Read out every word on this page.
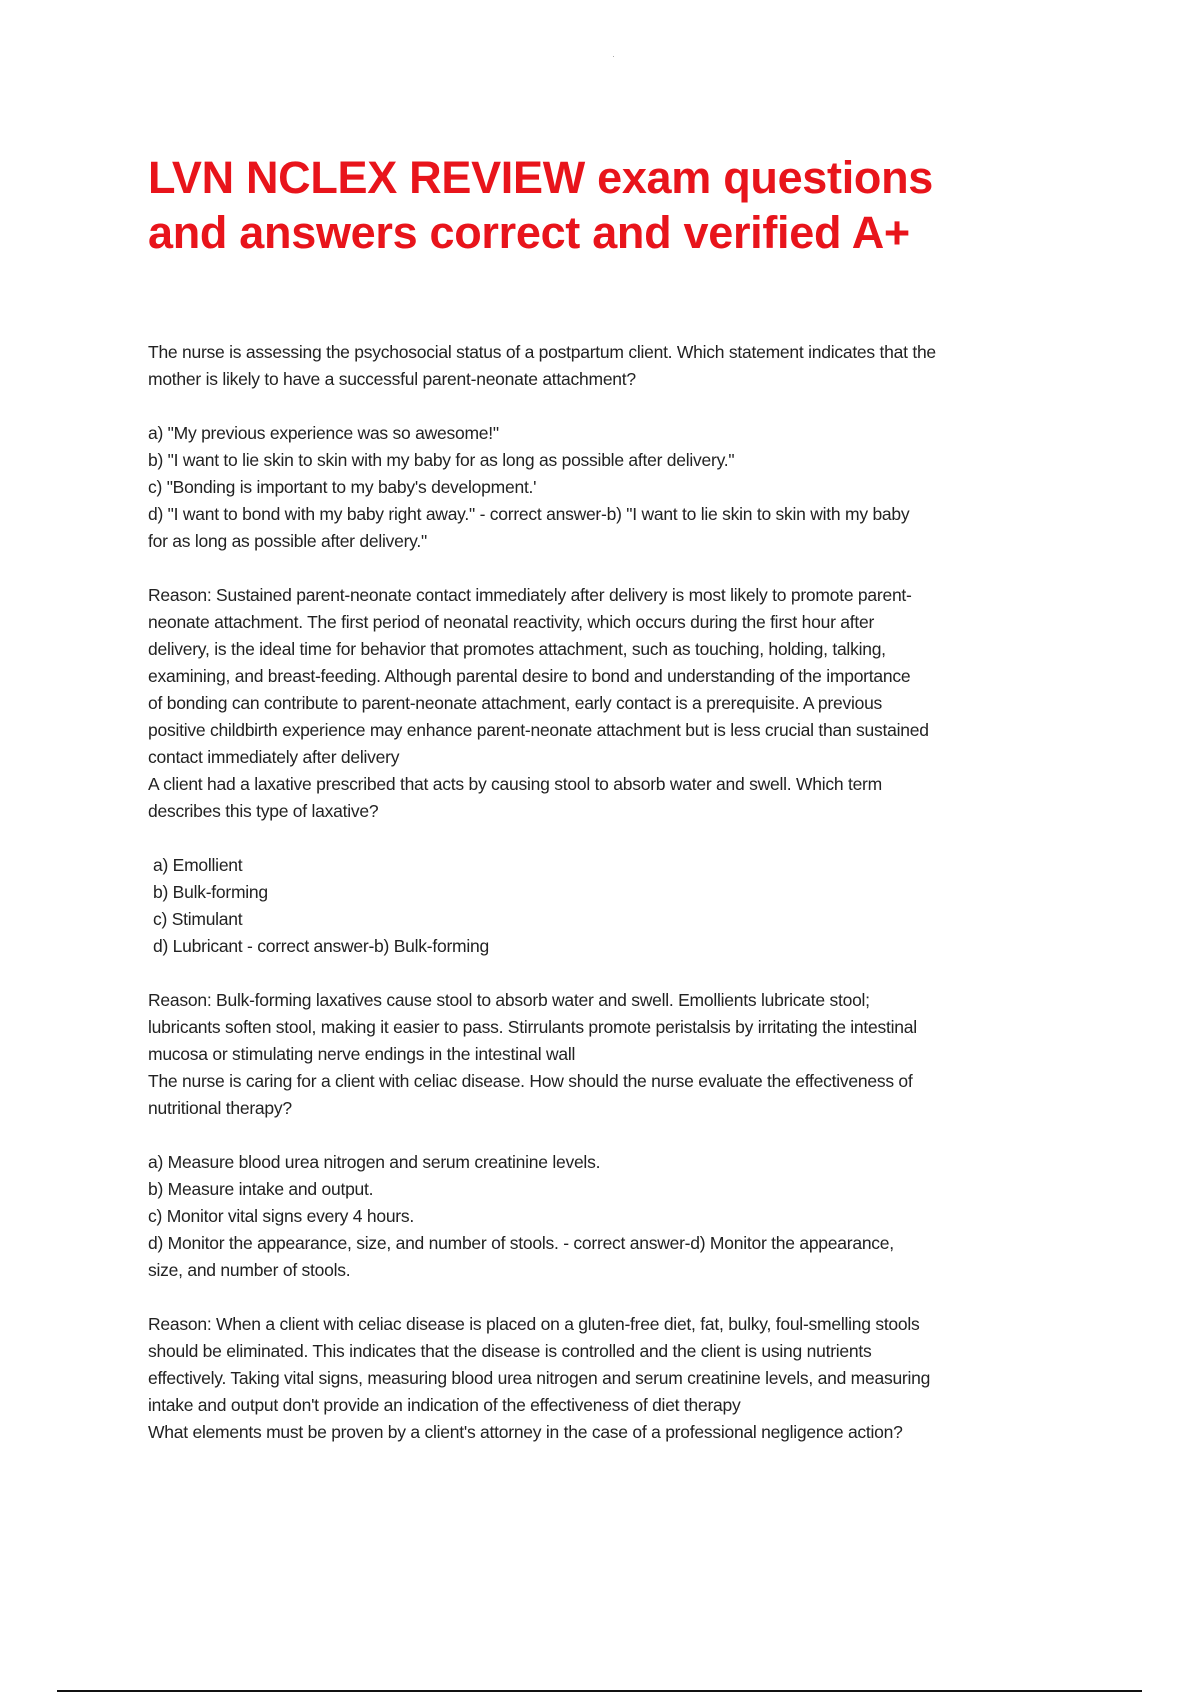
LVN NCLEX REVIEW exam questions
and answers correct and verified A+
The nurse is assessing the psychosocial status of a postpartum client. Which statement indicates that the
mother is likely to have a successful parent-neonate attachment?
a) "My previous experience was so awesome!"
b) "I want to lie skin to skin with my baby for as long as possible after delivery."
c) "Bonding is important to my baby's development.'
d) "I want to bond with my baby right away." - correct answer-b) "I want to lie skin to skin with my baby
for as long as possible after delivery."
Reason: Sustained parent-neonate contact immediately after delivery is most likely to promote parent-
neonate attachment. The first period of neonatal reactivity, which occurs during the first hour after
delivery, is the ideal time for behavior that promotes attachment, such as touching, holding, talking,
examining, and breast-feeding. Although parental desire to bond and understanding of the importance
of bonding can contribute to parent-neonate attachment, early contact is a prerequisite. A previous
positive childbirth experience may enhance parent-neonate attachment but is less crucial than sustained
contact immediately after delivery
A client had a laxative prescribed that acts by causing stool to absorb water and swell. Which term
describes this type of laxative?
a) Emollient
b) Bulk-forming
c) Stimulant
d) Lubricant - correct answer-b) Bulk-forming
Reason: Bulk-forming laxatives cause stool to absorb water and swell. Emollients lubricate stool;
lubricants soften stool, making it easier to pass. Stirrulants promote peristalsis by irritating the intestinal
mucosa or stimulating nerve endings in the intestinal wall
The nurse is caring for a client with celiac disease. How should the nurse evaluate the effectiveness of
nutritional therapy?
a) Measure blood urea nitrogen and serum creatinine levels.
b) Measure intake and output.
c) Monitor vital signs every 4 hours.
d) Monitor the appearance, size, and number of stools. - correct answer-d) Monitor the appearance,
size, and number of stools.
Reason: When a client with celiac disease is placed on a gluten-free diet, fat, bulky, foul-smelling stools
should be eliminated. This indicates that the disease is controlled and the client is using nutrients
effectively. Taking vital signs, measuring blood urea nitrogen and serum creatinine levels, and measuring
intake and output don't provide an indication of the effectiveness of diet therapy
What elements must be proven by a client's attorney in the case of a professional negligence action?
